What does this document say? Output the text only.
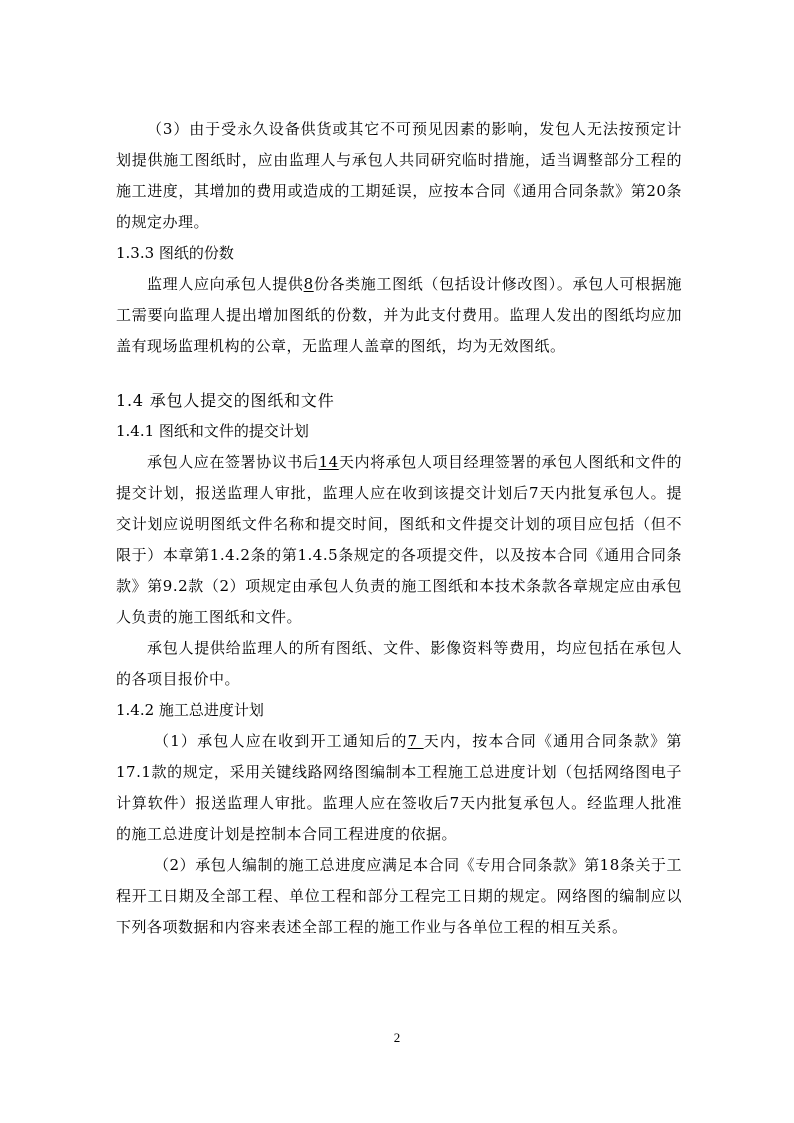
（3）由于受永久设备供货或其它不可预见因素的影响，发包人无法按预定计划提供施工图纸时，应由监理人与承包人共同研究临时措施，适当调整部分工程的施工进度，其增加的费用或造成的工期延误，应按本合同《通用合同条款》第20条的规定办理。

1.3.3 图纸的份数

监理人应向承包人提供8份各类施工图纸（包括设计修改图）。承包人可根据施工需要向监理人提出增加图纸的份数，并为此支付费用。监理人发出的图纸均应加盖有现场监理机构的公章，无监理人盖章的图纸，均为无效图纸。

1.4 承包人提交的图纸和文件

1.4.1 图纸和文件的提交计划

承包人应在签署协议书后14天内将承包人项目经理签署的承包人图纸和文件的提交计划，报送监理人审批，监理人应在收到该提交计划后7天内批复承包人。提交计划应说明图纸文件名称和提交时间，图纸和文件提交计划的项目应包括（但不限于）本章第1.4.2条的第1.4.5条规定的各项提交件，以及按本合同《通用合同条款》第9.2款（2）项规定由承包人负责的施工图纸和本技术条款各章规定应由承包人负责的施工图纸和文件。

承包人提供给监理人的所有图纸、文件、影像资料等费用，均应包括在承包人的各项目报价中。

1.4.2 施工总进度计划

（1）承包人应在收到开工通知后的7 天内，按本合同《通用合同条款》第17.1款的规定，采用关键线路网络图编制本工程施工总进度计划（包括网络图电子计算软件）报送监理人审批。监理人应在签收后7天内批复承包人。经监理人批准的施工总进度计划是控制本合同工程进度的依据。

（2）承包人编制的施工总进度应满足本合同《专用合同条款》第18条关于工程开工日期及全部工程、单位工程和部分工程完工日期的规定。网络图的编制应以下列各项数据和内容来表述全部工程的施工作业与各单位工程的相互关系。

2
